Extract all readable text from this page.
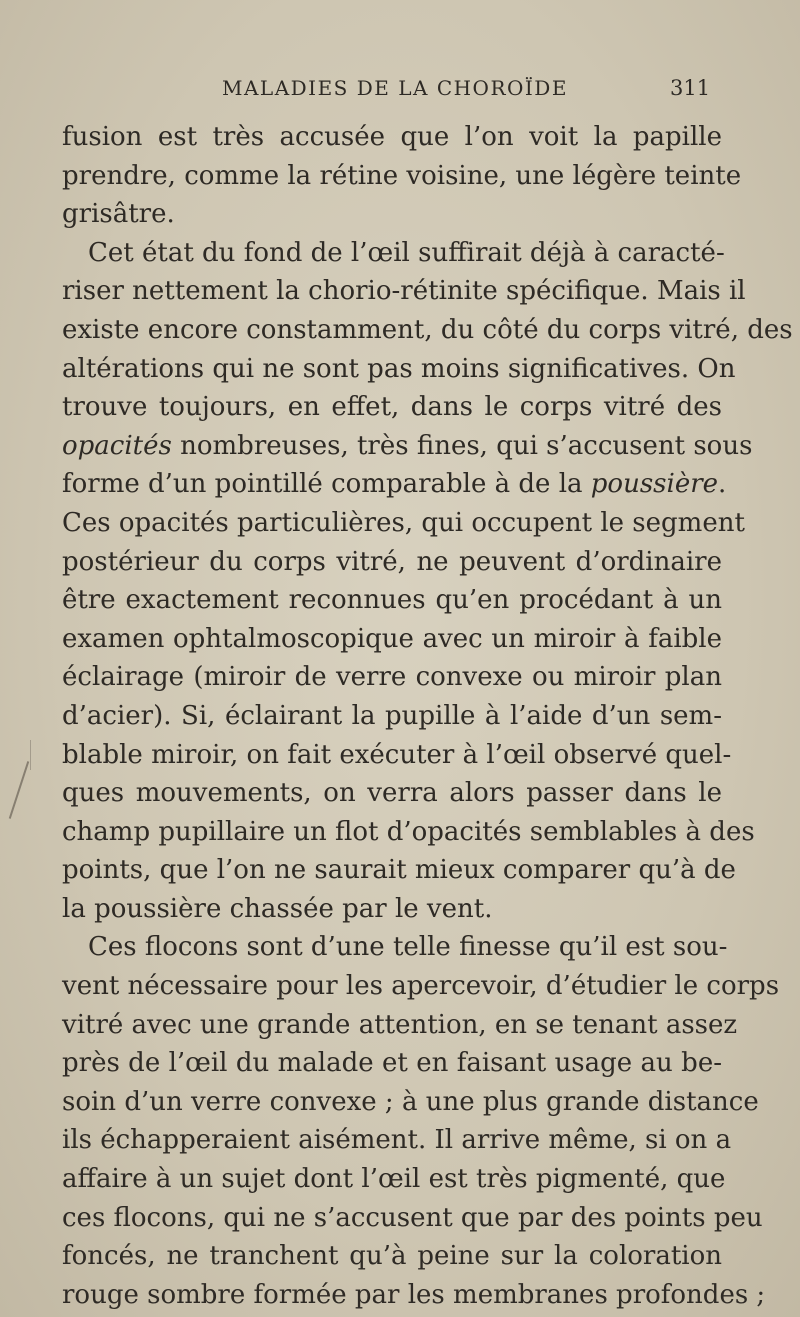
MALADIES DE LA CHOROÏDE	311
fusion est très accusée que l’on voit la papille
prendre, comme la rétine voisine, une légère teinte
grisâtre.
Cet état du fond de l’œil suffirait déjà à caracté-
riser nettement la chorio-rétinite spécifique. Mais il
existe encore constamment, du côté du corps vitré, des
altérations qui ne sont pas moins significatives. On
trouve toujours, en effet, dans le corps vitré des
opacités nombreuses, très fines, qui s’accusent sous
forme d’un pointillé comparable à de la poussière.
Ces opacités particulières, qui occupent le segment
postérieur du corps vitré, ne peuvent d’ordinaire
être exactement reconnues qu’en procédant à un
examen ophtalmoscopique avec un miroir à faible
éclairage (miroir de verre convexe ou miroir plan
d’acier). Si, éclairant la pupille à l’aide d’un sem-
blable miroir, on fait exécuter à l’œil observé quel-
ques mouvements, on verra alors passer dans le
champ pupillaire un flot d’opacités semblables à des
points, que l’on ne saurait mieux comparer qu’à de
la poussière chassée par le vent.
Ces flocons sont d’une telle finesse qu’il est sou-
vent nécessaire pour les apercevoir, d’étudier le corps
vitré avec une grande attention, en se tenant assez
près de l’œil du malade et en faisant usage au be-
soin d’un verre convexe ; à une plus grande distance
ils échapperaient aisément. Il arrive même, si on a
affaire à un sujet dont l’œil est très pigmenté, que
ces flocons, qui ne s’accusent que par des points peu
foncés, ne tranchent qu’à peine sur la coloration
rouge sombre formée par les membranes profondes ;
